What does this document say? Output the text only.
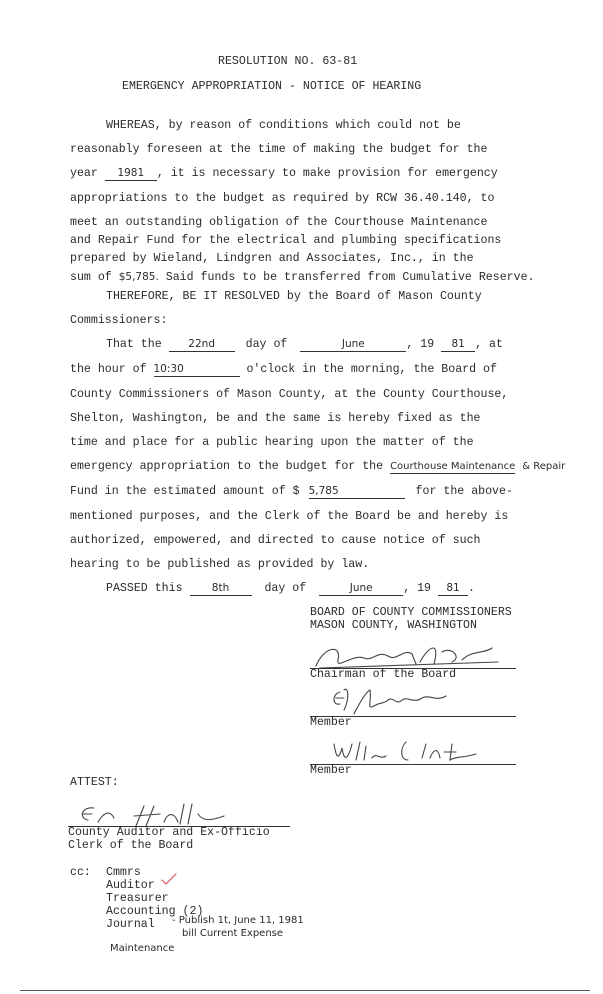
RESOLUTION NO. 63-81
EMERGENCY APPROPRIATION - NOTICE OF HEARING
WHEREAS, by reason of conditions which could not be
reasonably foreseen at the time of making the budget for the
year 1981 , it is necessary to make provision for emergency
appropriations to the budget as required by RCW 36.40.140, to
meet an outstanding obligation of the Courthouse Maintenance
and Repair Fund for the electrical and plumbing specifications
prepared by Wieland, Lindgren and Associates, Inc., in the
sum of $5,785. Said funds to be transferred from Cumulative Reserve.
THEREFORE, BE IT RESOLVED by the Board of Mason County
Commissioners:
That the	22nd	day of	June	, 19 81 , at
the hour of 10:30	o'clock in the morning, the Board of
County Commissioners of Mason County, at the County Courthouse,
Shelton, Washington, be and the same is hereby fixed as the
time and place for a public hearing upon the matter of the
emergency appropriation to the budget for the Courthouse Maintenance & Repair
Fund in the estimated amount of $ 5,785	for the above-
mentioned purposes, and the Clerk of the Board be and hereby is
authorized, empowered, and directed to cause notice of such
hearing to be published as provided by law.
PASSED this	8th	day of	June	, 19 81 .
BOARD OF COUNTY COMMISSIONERS
MASON COUNTY, WASHINGTON
Chairman of the Board
Member
Member
ATTEST:
County Auditor and Ex-Officio
Clerk of the Board
cc: Cmmrs
Auditor
Treasurer
Accounting (2)
Journal - Publish 1t, June 11, 1981
bill Current Expense
Maintenance
